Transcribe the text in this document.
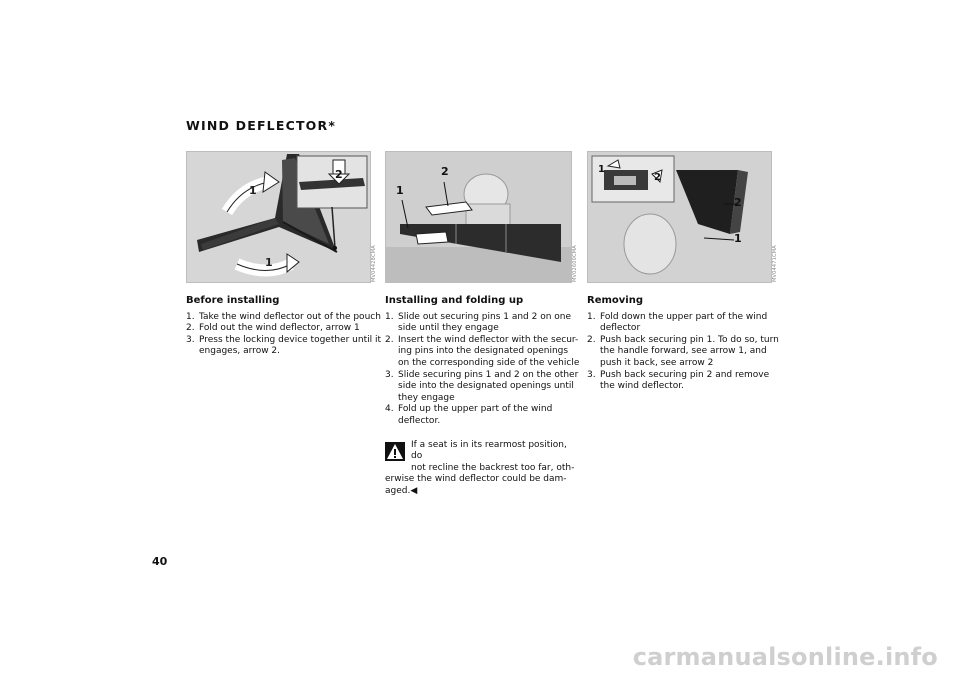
WIND DEFLECTOR*
1
1
2
MV04428CMA
1
2
MV02600CMA
1
2
1
2
MV04471CMA
Before installing
1. Take the wind deflector out of the pouch
2. Fold out the wind deflector, arrow 1
3. Press the locking device together until it engages, arrow 2.
Installing and folding up
1. Slide out securing pins 1 and 2 on one side until they engage
2. Insert the wind deflector with the secur-ing pins into the designated openings on the corresponding side of the vehicle
3. Slide securing pins 1 and 2 on the other side into the designated openings until they engage
4. Fold up the upper part of the wind deflector.
If a seat is in its rearmost position, do
not recline the backrest too far, oth-
erwise the wind deflector could be dam-aged.◀
Removing
1. Fold down the upper part of the wind deflector
2. Push back securing pin 1. To do so, turn the handle forward, see arrow 1, and push it back, see arrow 2
3. Push back securing pin 2 and remove the wind deflector.
40
carmanualsonline.info
